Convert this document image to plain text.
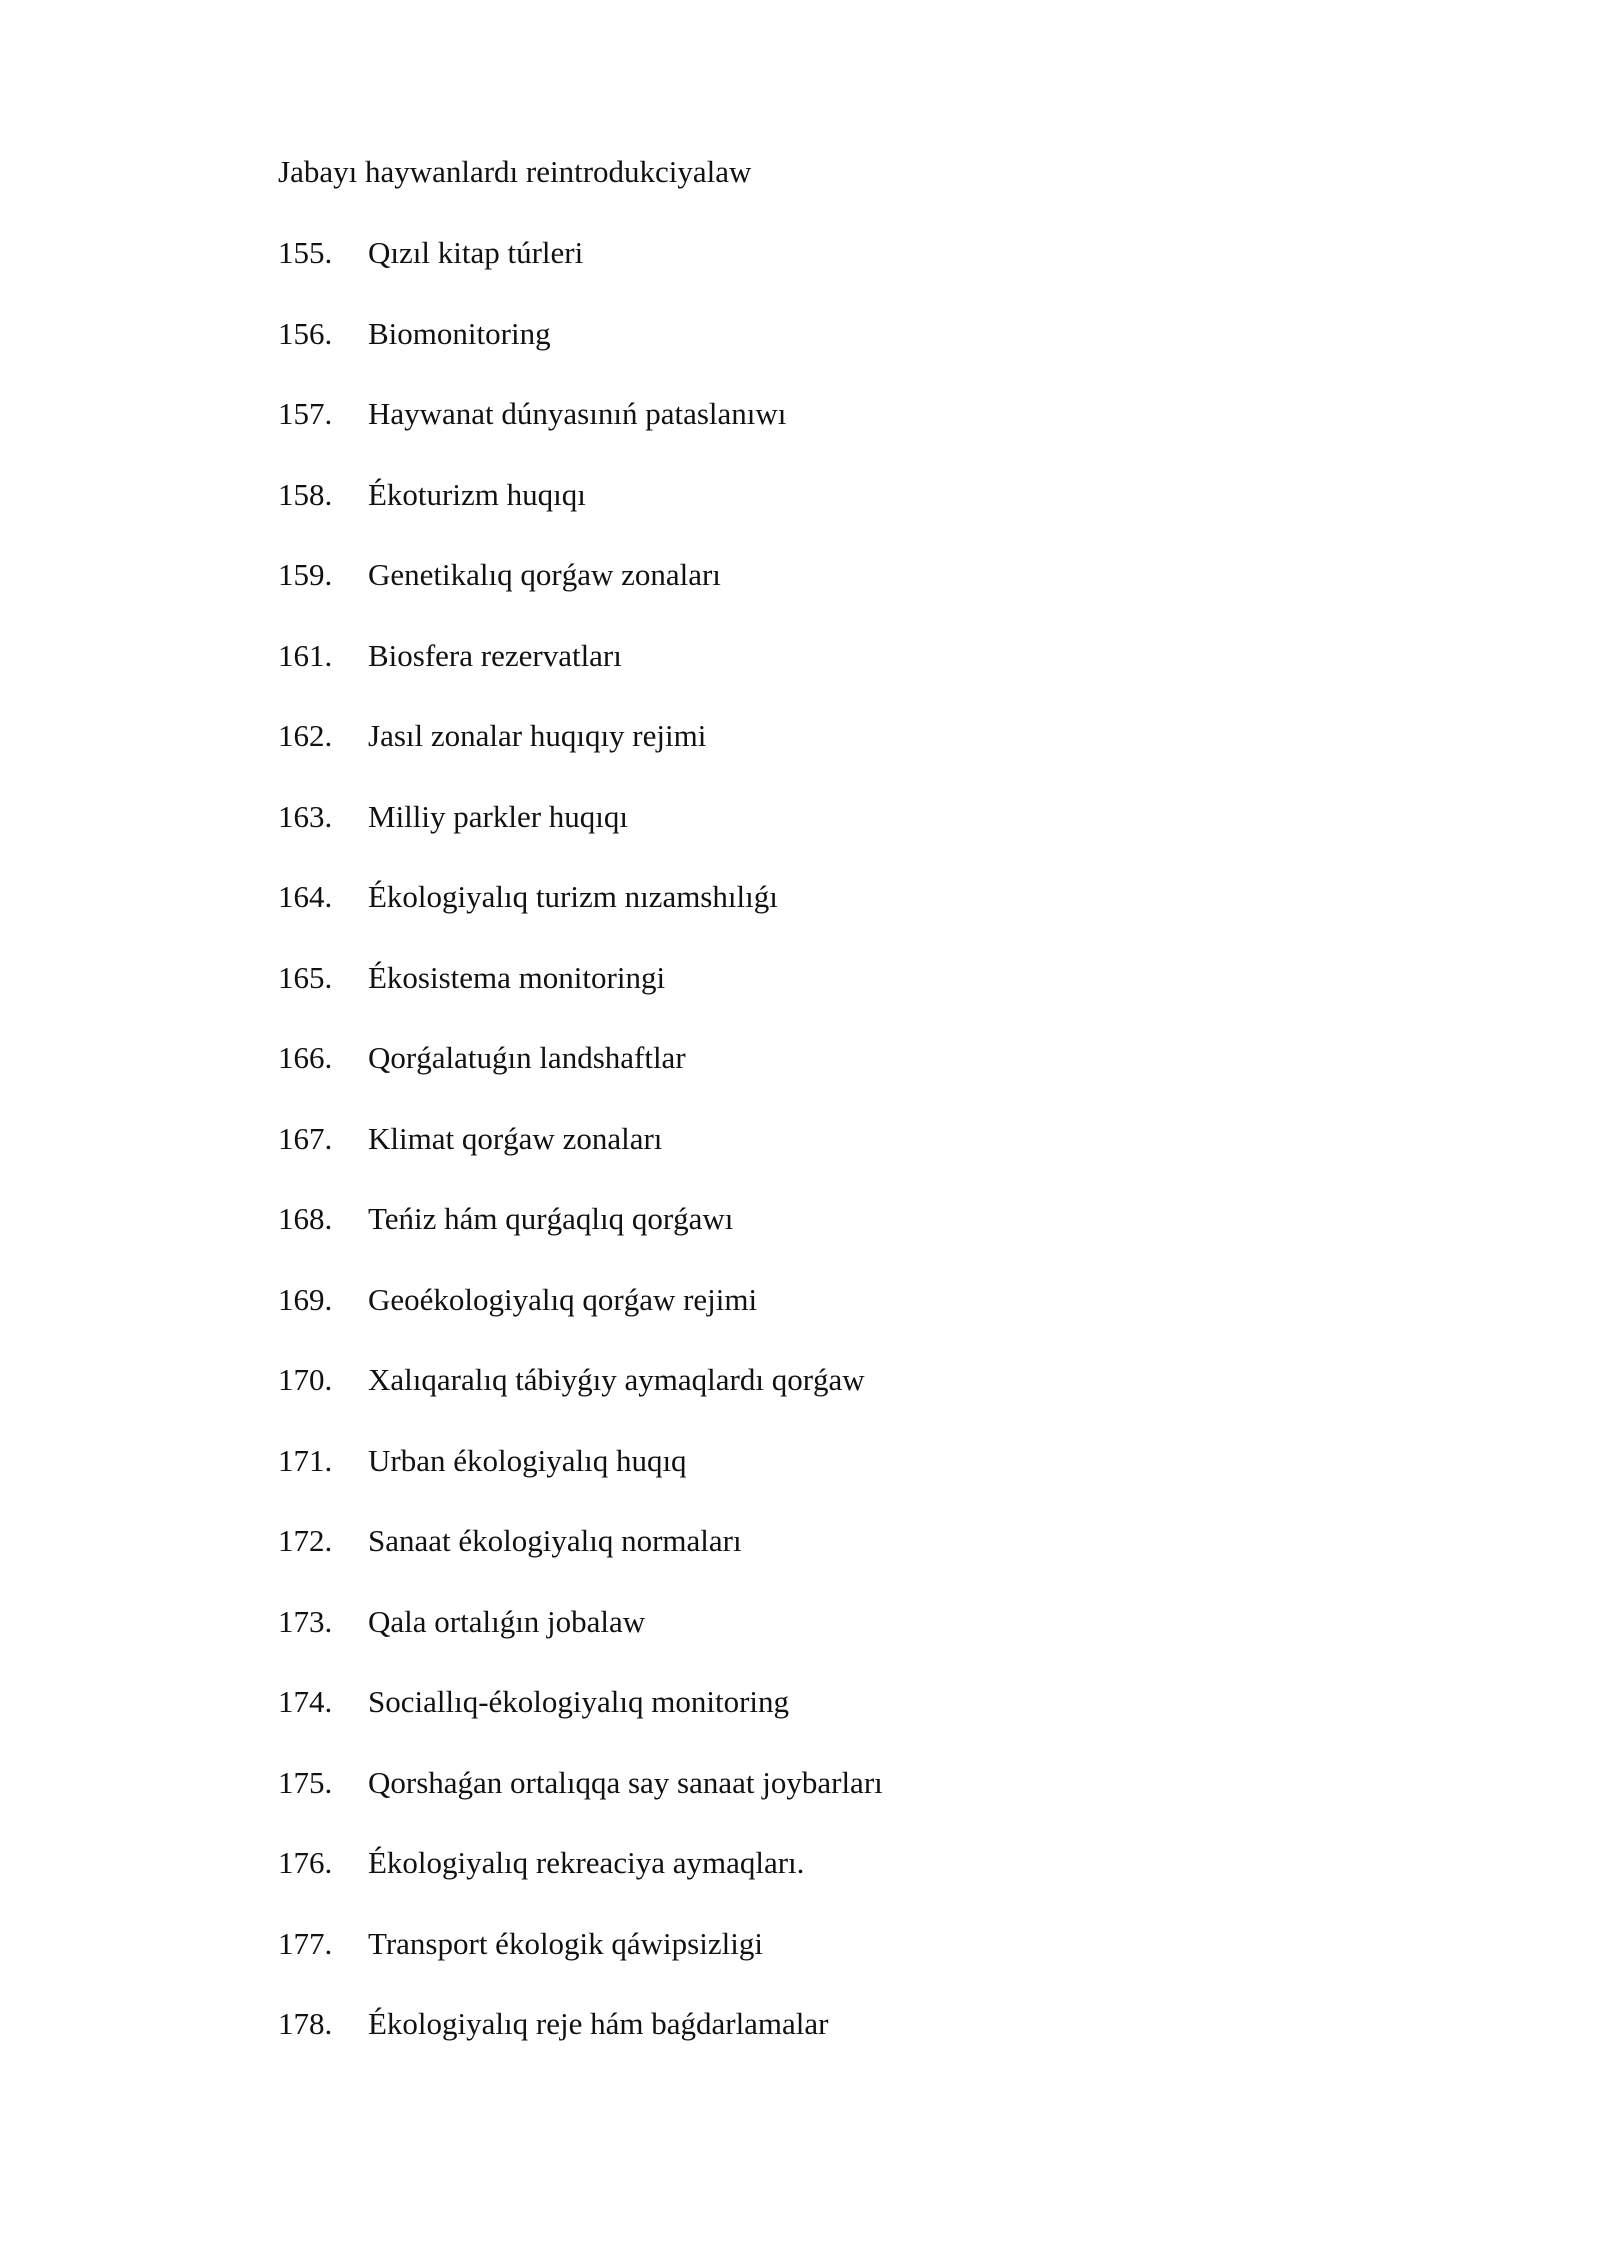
Jabayı haywanlardı reintrodukciyalaw
155.	Qızıl kitap túrleri
156.	Biomonitoring
157.	Haywanat dúnyasınıń pataslanıwı
158.	Ékoturizm huqıqı
159.	Genetikalıq qorǵaw zonaları
161.	Biosfera rezervatları
162.	Jasıl zonalar huqıqıy rejimi
163.	Milliy parkler huqıqı
164.	Ékologiyalıq turizm nızamshılıǵı
165.	Ékosistema monitoringi
166.	Qorǵalatuǵın landshaftlar
167.	Klimat qorǵaw zonaları
168.	Teńiz hám qurǵaqlıq qorǵawı
169.	Geoékologiyalıq qorǵaw rejimi
170.	Xalıqaralıq tábiyǵıy aymaqlardı qorǵaw
171.	Urban ékologiyalıq huqıq
172.	Sanaat ékologiyalıq normaları
173.	Qala ortalıǵın jobalaw
174.	Sociallıq-ékologiyalıq monitoring
175.	Qorshaǵan ortalıqqa say sanaat joybarları
176.	Ékologiyalıq rekreaciya aymaqları.
177.	Transport ékologik qáwipsizligi
178.	Ékologiyalıq reje hám baǵdarlamalar
